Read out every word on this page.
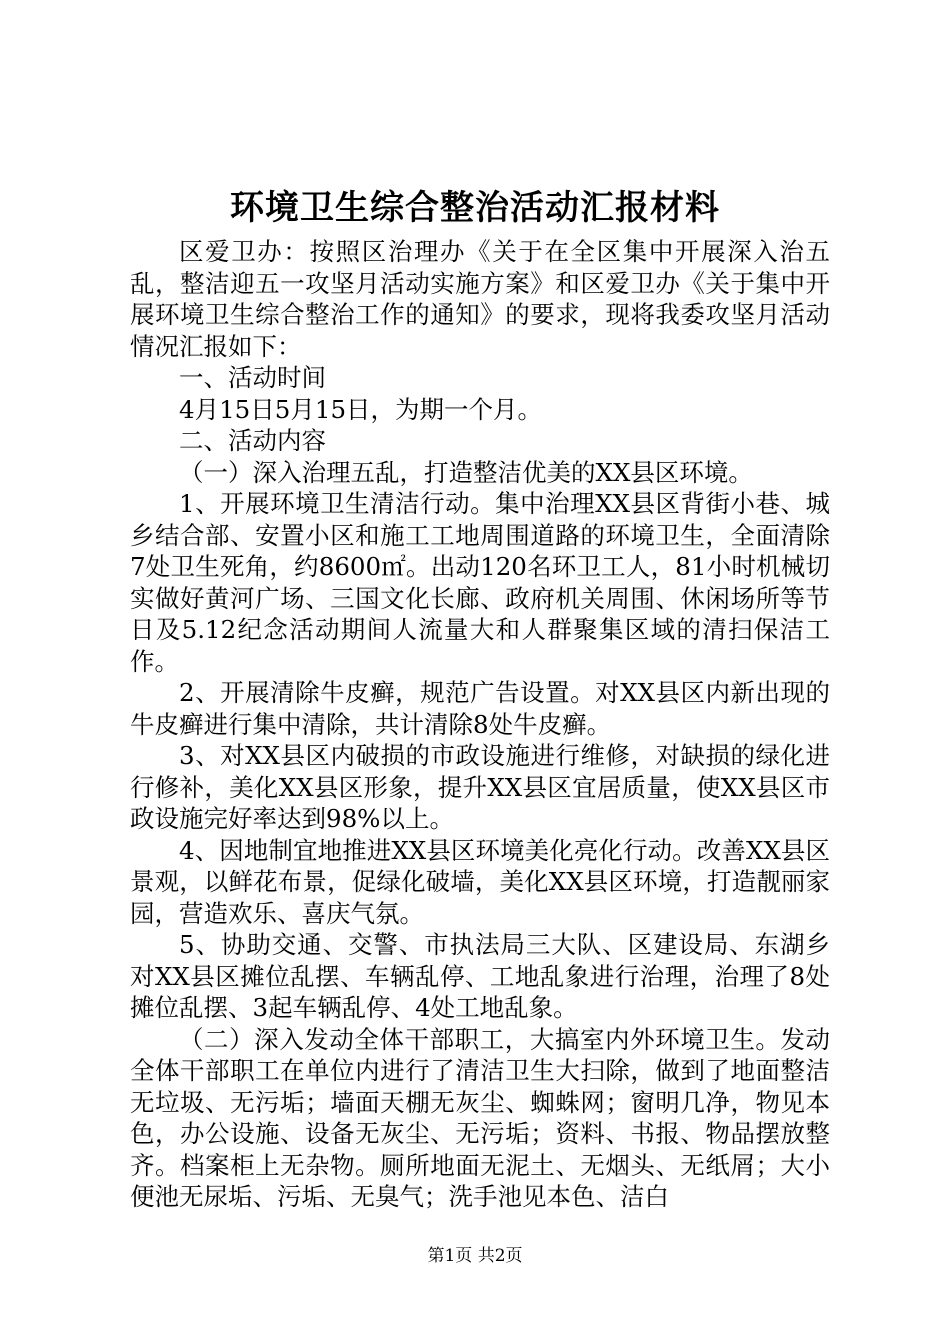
环境卫生综合整治活动汇报材料

区爱卫办：按照区治理办《关于在全区集中开展深入治五乱，整洁迎五一攻坚月活动实施方案》和区爱卫办《关于集中开展环境卫生综合整治工作的通知》的要求，现将我委攻坚月活动情况汇报如下：

一、活动时间

4月15日5月15日，为期一个月。

二、活动内容

（一）深入治理五乱，打造整洁优美的XX县区环境。

1、开展环境卫生清洁行动。集中治理XX县区背街小巷、城乡结合部、安置小区和施工工地周围道路的环境卫生，全面清除7处卫生死角，约8600㎡。出动120名环卫工人，81小时机械切实做好黄河广场、三国文化长廊、政府机关周围、休闲场所等节日及5.12纪念活动期间人流量大和人群聚集区域的清扫保洁工作。

2、开展清除牛皮癣，规范广告设置。对XX县区内新出现的牛皮癣进行集中清除，共计清除8处牛皮癣。

3、对XX县区内破损的市政设施进行维修，对缺损的绿化进行修补，美化XX县区形象，提升XX县区宜居质量，使XX县区市政设施完好率达到98%以上。

4、因地制宜地推进XX县区环境美化亮化行动。改善XX县区景观，以鲜花布景，促绿化破墙，美化XX县区环境，打造靓丽家园，营造欢乐、喜庆气氛。

5、协助交通、交警、市执法局三大队、区建设局、东湖乡对XX县区摊位乱摆、车辆乱停、工地乱象进行治理，治理了8处摊位乱摆、3起车辆乱停、4处工地乱象。

（二）深入发动全体干部职工，大搞室内外环境卫生。发动全体干部职工在单位内进行了清洁卫生大扫除，做到了地面整洁无垃圾、无污垢；墙面天棚无灰尘、蜘蛛网；窗明几净，物见本色，办公设施、设备无灰尘、无污垢；资料、书报、物品摆放整齐。档案柜上无杂物。厕所地面无泥土、无烟头、无纸屑；大小便池无尿垢、污垢、无臭气；洗手池见本色、洁白

第1页 共2页
